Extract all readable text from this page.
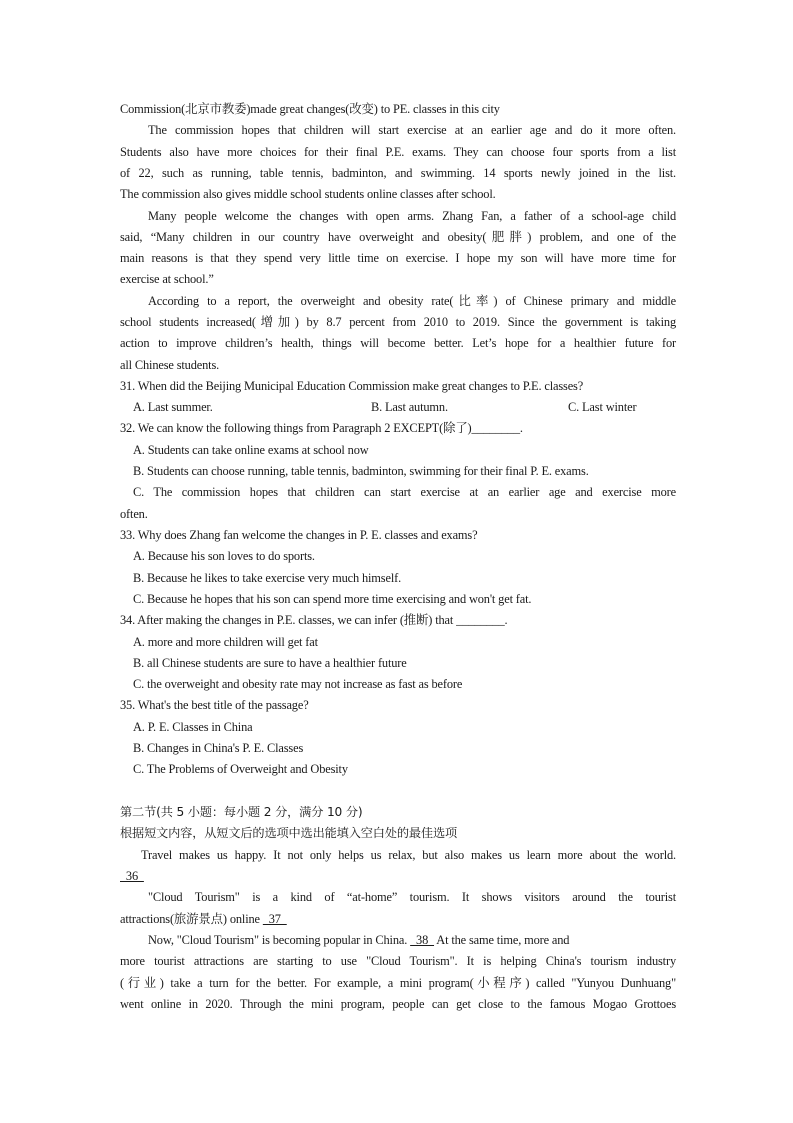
Commission(北京市教委)made great changes(改变) to PE. classes in this city
The commission hopes that children will start exercise at an earlier age and do it more often.
Students also have more choices for their final P.E. exams. They can choose four sports from a list
of 22, such as running, table tennis, badminton, and swimming. 14 sports newly joined in the list.
The commission also gives middle school students online classes after school.
Many people welcome the changes with open arms. Zhang Fan, a father of a school-age child
said, “Many children in our country have overweight and obesity(肥胖) problem, and one of the
main reasons is that they spend very little time on exercise. I hope my son will have more time for
exercise at school.”
According to a report, the overweight and obesity rate(比率) of Chinese primary and middle
school students increased(增加) by 8.7 percent from 2010 to 2019. Since the government is taking
action to improve children’s health, things will become better. Let’s hope for a healthier future for
all Chinese students.
31. When did the Beijing Municipal Education Commission make great changes to P.E. classes?
A. Last summer.	B. Last autumn.	C. Last winter
32. We can know the following things from Paragraph 2 EXCEPT(除了)________.
A. Students can take online exams at school now
B. Students can choose running, table tennis, badminton, swimming for their final P. E. exams.
C. The commission hopes that children can start exercise at an earlier age and exercise more
often.
33. Why does Zhang fan welcome the changes in P. E. classes and exams?
A. Because his son loves to do sports.
B. Because he likes to take exercise very much himself.
C. Because he hopes that his son can spend more time exercising and won't get fat.
34. After making the changes in P.E. classes, we can infer (推断) that ________.
A. more and more children will get fat
B. all Chinese students are sure to have a healthier future
C. the overweight and obesity rate may not increase as fast as before
35. What's the best title of the passage?
A. P. E. Classes in China
B. Changes in China's P. E. Classes
C. The Problems of Overweight and Obesity
第二节(共 5 小题：每小题 2 分，满分 10 分)
根据短文内容，从短文后的选项中选出能填入空白处的最佳选项
Travel makes us happy. It not only helps us relax, but also makes us learn more about the world.
36
"Cloud Tourism" is a kind of “at-home” tourism. It shows visitors around the tourist
attractions(旅游景点) online   37
Now, "Cloud Tourism" is becoming popular in China.   38   At the same time, more and
more tourist attractions are starting to use "Cloud Tourism". It is helping China's tourism industry
(行业) take a turn for the better. For example, a mini program(小程序) called "Yunyou Dunhuang"
went online in 2020. Through the mini program, people can get close to the famous Mogao Grottoes
